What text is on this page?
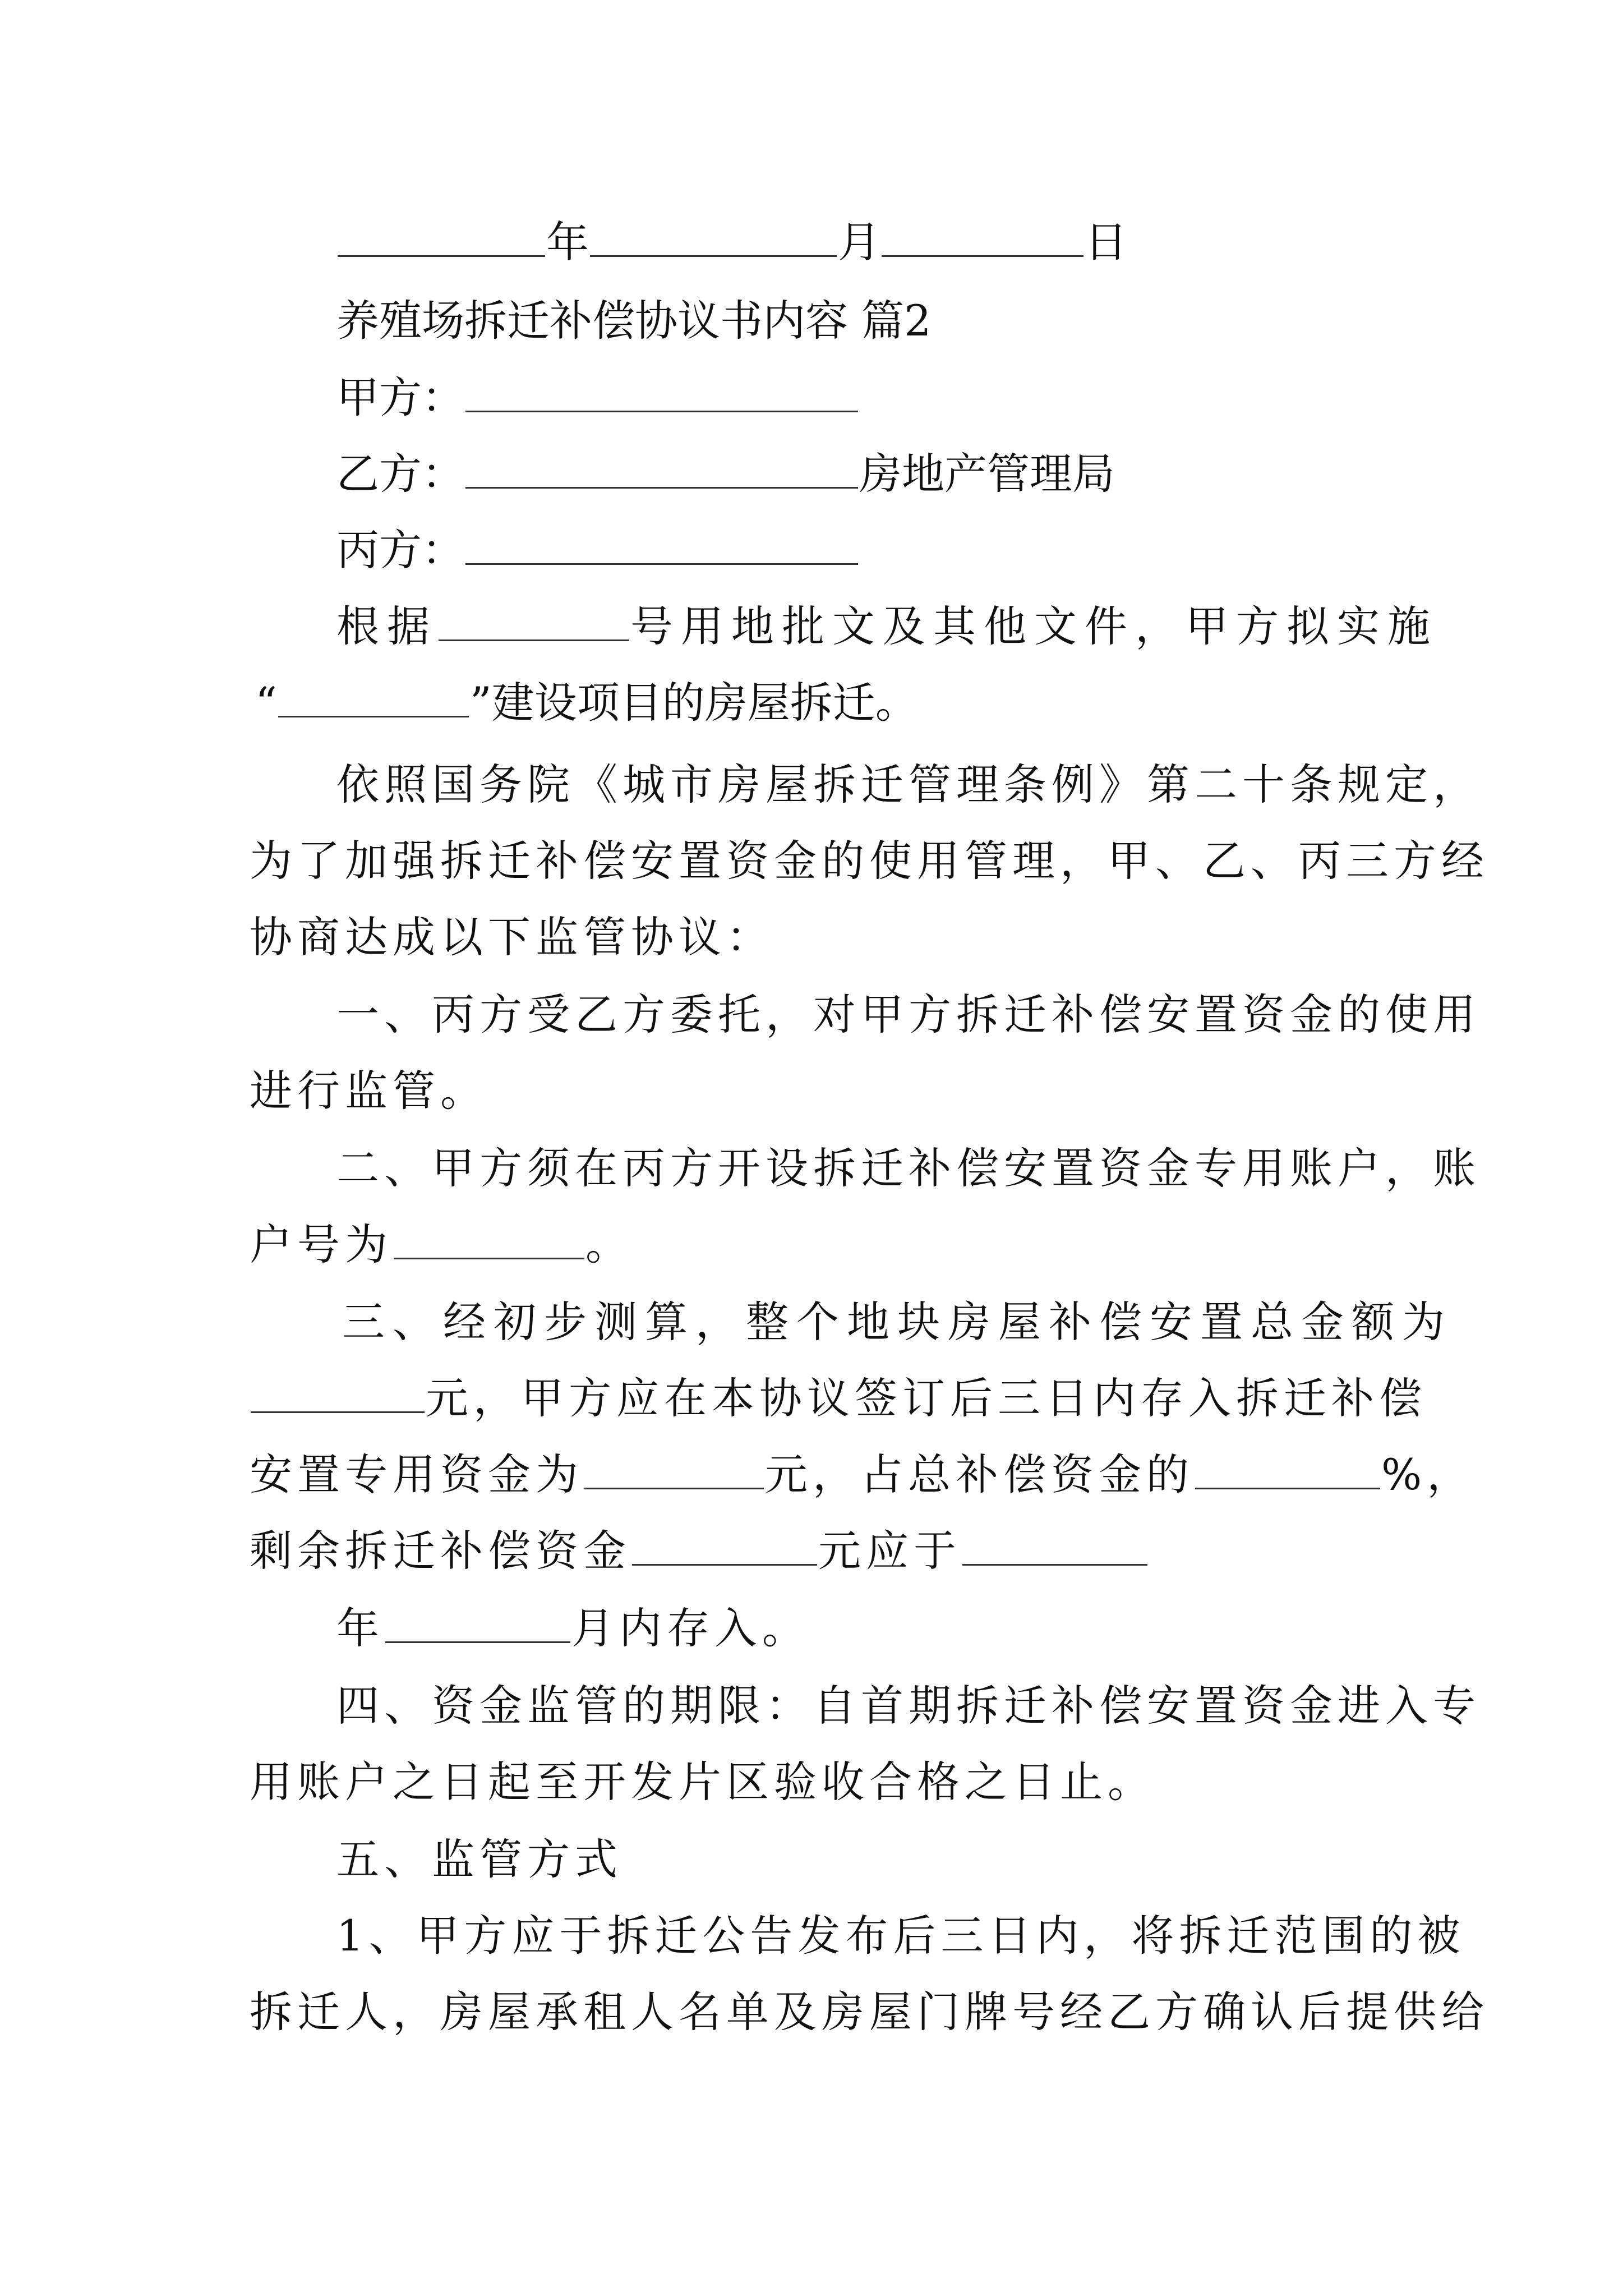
年	月	日
养殖场拆迁补偿协议书内容 篇2
甲方：
乙方：	房地产管理局
丙方：
根据	号用地批文及其他文件，甲方拟实施
“	”建设项目的房屋拆迁。
依照国务院《城市房屋拆迁管理条例》第二十条规定，
为了加强拆迁补偿安置资金的使用管理，甲、乙、丙三方经
协商达成以下监管协议：
一、丙方受乙方委托，对甲方拆迁补偿安置资金的使用
进行监管。
二、甲方须在丙方开设拆迁补偿安置资金专用账户，账
户号为	。
三、经初步测算，整个地块房屋补偿安置总金额为
元，甲方应在本协议签订后三日内存入拆迁补偿
安置专用资金为	元，占总补偿资金的	%，
剩余拆迁补偿资金	元应于
年	月内存入。
四、资金监管的期限：自首期拆迁补偿安置资金进入专
用账户之日起至开发片区验收合格之日止。
五、监管方式
1、甲方应于拆迁公告发布后三日内，将拆迁范围的被
拆迁人，房屋承租人名单及房屋门牌号经乙方确认后提供给
